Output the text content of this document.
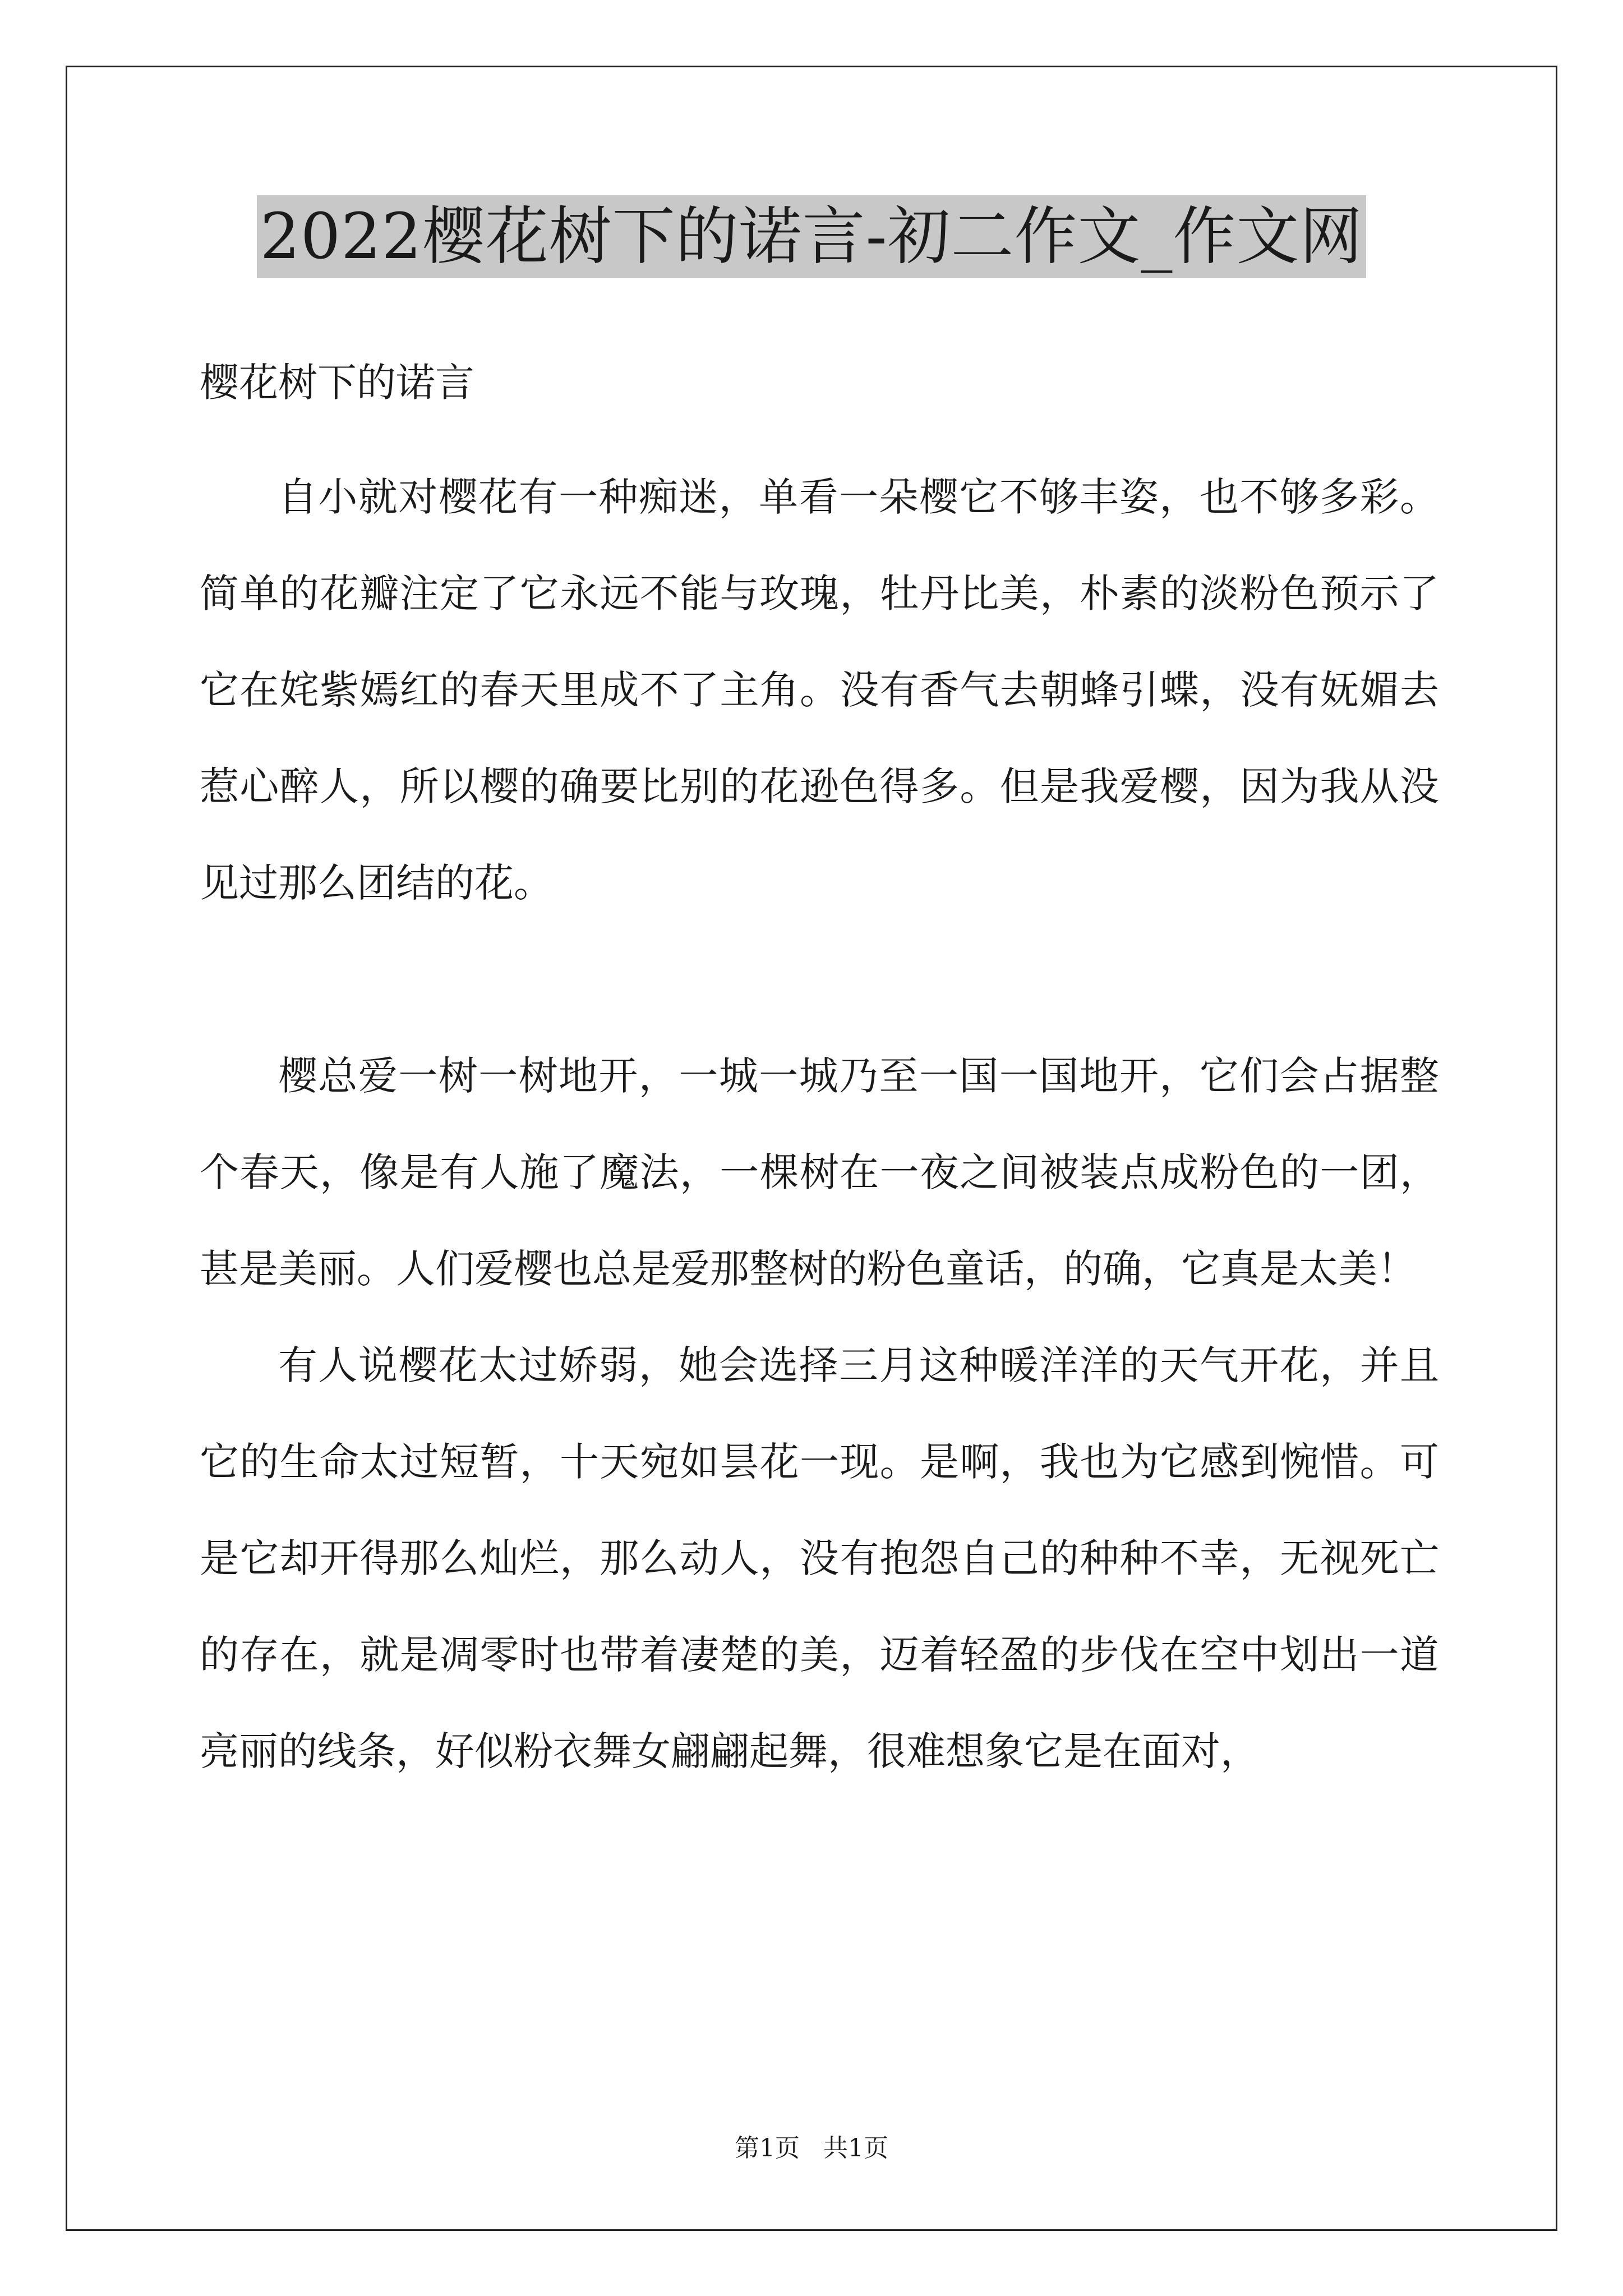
2022樱花树下的诺言-初二作文_作文网
樱花树下的诺言

自小就对樱花有一种痴迷，单看一朵樱它不够丰姿，也不够多彩。简单的花瓣注定了它永远不能与玫瑰，牡丹比美，朴素的淡粉色预示了它在姹紫嫣红的春天里成不了主角。没有香气去朝蜂引蝶，没有妩媚去惹心醉人，所以樱的确要比别的花逊色得多。但是我爱樱，因为我从没见过那么团结的花。

樱总爱一树一树地开，一城一城乃至一国一国地开，它们会占据整个春天，像是有人施了魔法，一棵树在一夜之间被装点成粉色的一团，甚是美丽。人们爱樱也总是爱那整树的粉色童话，的确，它真是太美！

有人说樱花太过娇弱，她会选择三月这种暖洋洋的天气开花，并且它的生命太过短暂，十天宛如昙花一现。是啊，我也为它感到惋惜。可是它却开得那么灿烂，那么动人，没有抱怨自己的种种不幸，无视死亡的存在，就是凋零时也带着凄楚的美，迈着轻盈的步伐在空中划出一道亮丽的线条，好似粉衣舞女翩翩起舞，很难想象它是在面对，

第1页   共1页
